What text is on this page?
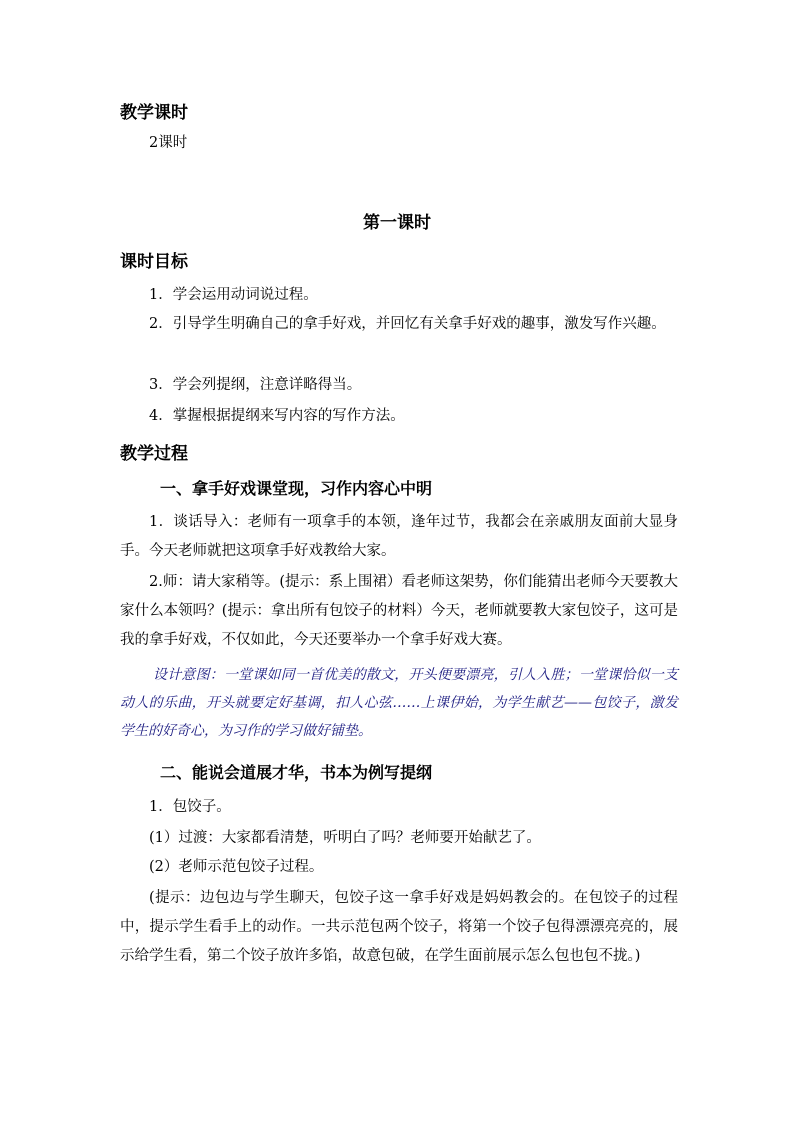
教学课时
2课时
第一课时
课时目标
1．学会运用动词说过程。
2．引导学生明确自己的拿手好戏，并回忆有关拿手好戏的趣事，激发写作兴趣。
3．学会列提纲，注意详略得当。
4．掌握根据提纲来写内容的写作方法。
教学过程
一、拿手好戏课堂现，习作内容心中明
1．谈话导入：老师有一项拿手的本领，逢年过节，我都会在亲戚朋友面前大显身手。今天老师就把这项拿手好戏教给大家。
2.师：请大家稍等。(提示：系上围裙）看老师这架势，你们能猜出老师今天要教大家什么本领吗？(提示：拿出所有包饺子的材料）今天，老师就要教大家包饺子，这可是我的拿手好戏，不仅如此，今天还要举办一个拿手好戏大赛。
设计意图：一堂课如同一首优美的散文，开头便要漂亮，引人入胜；一堂课恰似一支动人的乐曲，开头就要定好基调，扣人心弦……上课伊始，为学生献艺——包饺子，激发学生的好奇心，为习作的学习做好铺垫。
二、能说会道展才华，书本为例写提纲
1．包饺子。
(1）过渡：大家都看清楚，听明白了吗？老师要开始献艺了。
(2）老师示范包饺子过程。
(提示：边包边与学生聊天，包饺子这一拿手好戏是妈妈教会的。在包饺子的过程中，提示学生看手上的动作。一共示范包两个饺子，将第一个饺子包得漂漂亮亮的，展示给学生看，第二个饺子放许多馅，故意包破，在学生面前展示怎么包也包不拢。)
